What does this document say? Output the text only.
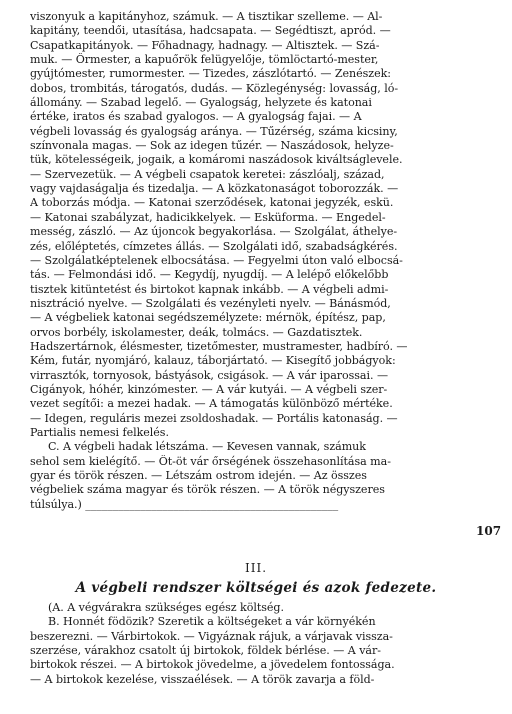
viszonyuk a kapitányhoz, számuk. — A tisztikar szelleme. — Al-
kapitány, teendői, utasítása, hadcsapata. — Segédtiszt, apród. —
Csapatkapitányok. — Főhadnagy, hadnagy. — Altisztek. — Szá-
muk. — Őrmester, a kapuőrök felügyelője, tömlöctartó-mester,
gyújtómester, rumormester. — Tizedes, zászlótartó. — Zenészek:
dobos, trombitás, tárogatós, dudás. — Közlegénység: lovasság, ló-
állomány. — Szabad legelő. — Gyalogság, helyzete és katonai
értéke, iratos és szabad gyalogos. — A gyalogság fajai. — A
végbeli lovasság és gyalogság aránya. — Tűzérség, száma kicsiny,
színvonala magas. — Sok az idegen tűzér. — Naszádosok, helyze-
tük, kötelességeik, jogaik, a komáromi naszádosok kiváltságlevele.
— Szervezetük. — A végbeli csapatok keretei: zászlóalj, század,
vagy vajdaságalja és tizedalja. — A közkatonaságot toborozzák. —
A toborzás módja. — Katonai szerződések, katonai jegyzék, eskü.
— Katonai szabályzat, hadicikkelyek. — Esküforma. — Engedel-
messég, zászló. — Az újoncok begyakorlása. — Szolgálat, áthelye-
zés, előléptetés, címzetes állás. — Szolgálati idő, szabadságkérés.
— Szolgálatképtelenek elbocsátása. — Fegyelmi úton való elbocsá-
tás. — Felmondási idő. — Kegydíj, nyugdíj. — A lelépő előkelőbb
tisztek kitüntetést és birtokot kapnak inkább. — A végbeli admi-
nisztráció nyelve. — Szolgálati és vezényleti nyelv. — Bánásmód,
— A végbeliek katonai segédszemélyzete: mérnök, építész, pap,
orvos borbély, iskolamester, deák, tolmács. — Gazdatisztek.
Hadszertárnok, élésmester, tizetőmester, mustramester, hadbíró. —
Kém, futár, nyomjáró, kalauz, táborjártató. — Kisegítő jobbágyok:
virrasztók, tornyosok, bástyások, csigások. — A vár iparossai. —
Cigányok, hóhér, kinzómester. — A vár kutyái. — A végbeli szer-
vezet segítői: a mezei hadak. — A támogatás különböző mértéke.
— Idegen, reguláris mezei zsoldoshadak. — Portális katonaság. —
Partialis nemesi felkelés.
C. A végbeli hadak létszáma. — Kevesen vannak, számuk
sehol sem kielégítő. — Öt-öt vár őrségének összehasonlítása ma-
gyar és török részen. — Létszám ostrom idején. — Az összes
végbeliek száma magyar és török részen. — A török négyszeres
túlsúlya.) ______________________________________________
107
III.
A végbeli rendszer költségei és azok fedezete.
(A. A végvárakra szükséges egész költség.
B. Honnét födözik? Szeretik a költségeket a vár környékén
beszerezni. — Várbirtokok. — Vigyáznak rájuk, a várjavak vissza-
szerzése, várakhoz csatolt új birtokok, földek bérlése. — A vár-
birtokok részei. — A birtokok jövedelme, a jövedelem fontossága.
— A birtokok kezelése, visszaélések. — A török zavarja a föld-
